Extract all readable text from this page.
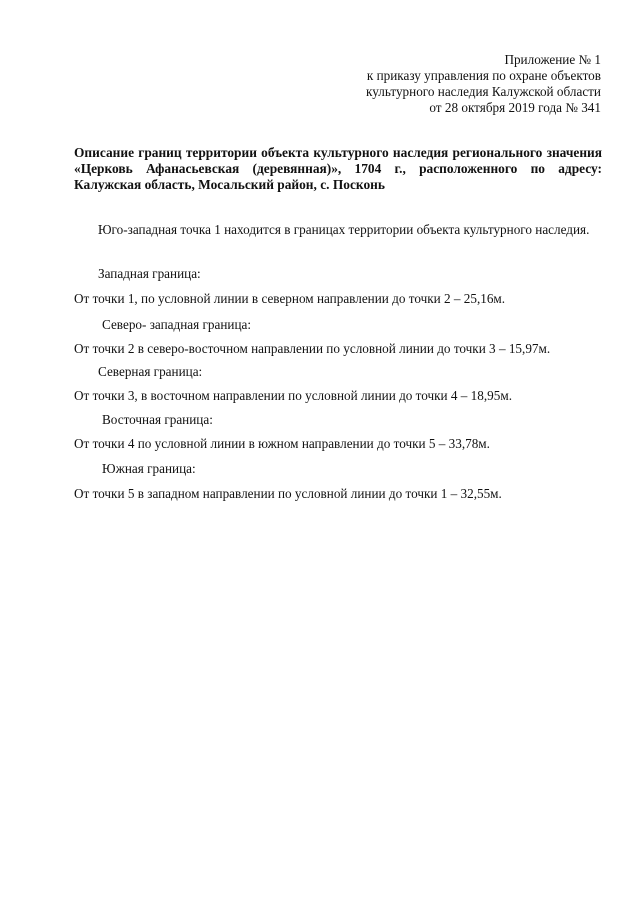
Приложение № 1
к приказу управления по охране объектов
культурного наследия Калужской области
от 28 октября 2019 года № 341
Описание границ территории объекта культурного наследия регионального значения «Церковь Афанасьевская (деревянная)», 1704 г., расположенного по адресу: Калужская область, Мосальский район, с. Посконь
Юго-западная точка 1 находится в границах территории объекта культурного наследия.
Западная граница:
От точки 1, по условной линии в северном направлении до точки 2 – 25,16м.
Северо- западная граница:
От точки 2 в северо-восточном направлении по условной линии до точки 3 – 15,97м.
Северная граница:
От точки 3, в восточном направлении по условной линии до точки 4 – 18,95м.
Восточная граница:
От точки 4 по условной линии в южном направлении до точки 5 – 33,78м.
Южная граница:
От точки 5 в западном направлении по условной линии до точки 1 – 32,55м.
